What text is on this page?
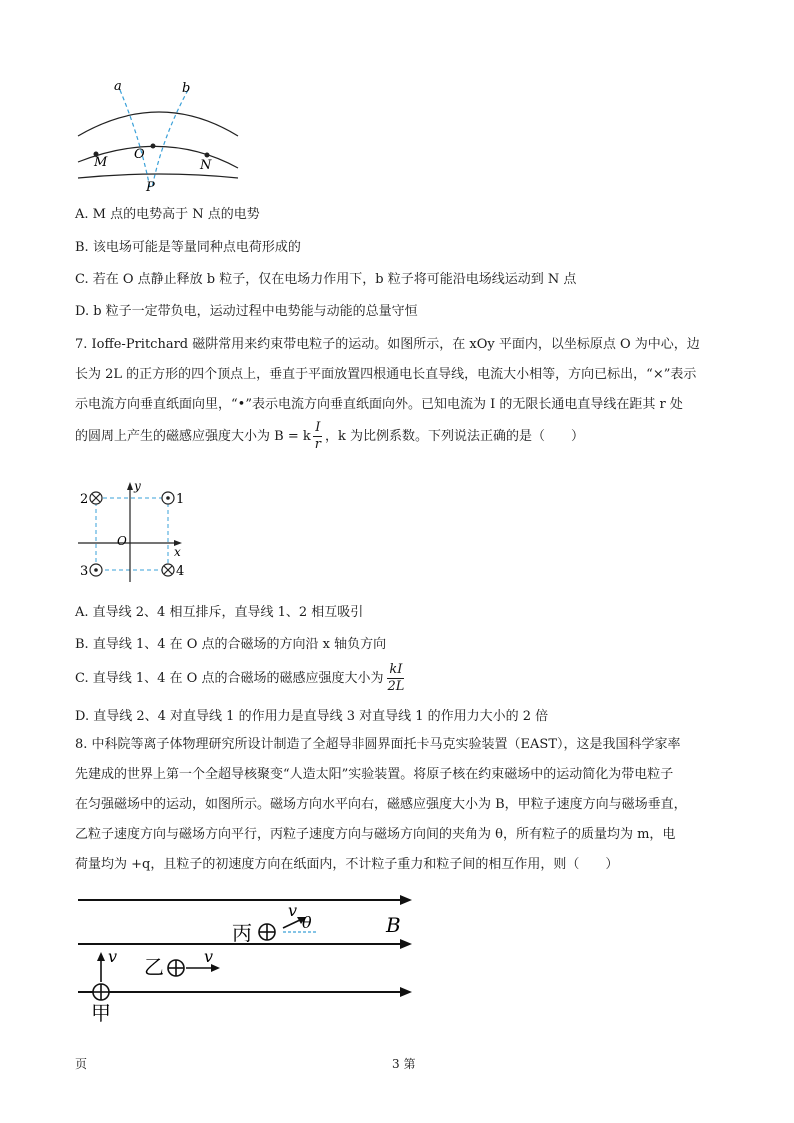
a	b
M
O
N
P
A. M 点的电势高于 N 点的电势
B. 该电场可能是等量同种点电荷形成的
C. 若在 O 点静止释放 b 粒子，仅在电场力作用下，b 粒子将可能沿电场线运动到 N 点
D. b 粒子一定带负电，运动过程中电势能与动能的总量守恒
7. Ioffe-Pritchard 磁阱常用来约束带电粒子的运动。如图所示，在 xOy 平面内，以坐标原点 O 为中心，边
长为 2L 的正方形的四个顶点上，垂直于平面放置四根通电长直导线，电流大小相等，方向已标出，“×”表示
示电流方向垂直纸面向里，“•”表示电流方向垂直纸面向外。已知电流为 I 的无限长通电直导线在距其 r 处
的圆周上产生的磁感应强度大小为 B = k $\frac{I}{r}$ ，k 为比例系数。下列说法正确的是（　　）
y
x
O
2	1
3	4
A. 直导线 2、4 相互排斥，直导线 1、2 相互吸引
B. 直导线 1、4 在 O 点的合磁场的方向沿 x 轴负方向
C. 直导线 1、4 在 O 点的合磁场的磁感应强度大小为 $\frac{kI}{2L}$
D. 直导线 2、4 对直导线 1 的作用力是直导线 3 对直导线 1 的作用力大小的 2 倍
8. 中科院等离子体物理研究所设计制造了全超导非圆界面托卡马克实验装置（EAST），这是我国科学家率
先建成的世界上第一个全超导核聚变“人造太阳”实验装置。将原子核在约束磁场中的运动简化为带电粒子
在匀强磁场中的运动，如图所示。磁场方向水平向右，磁感应强度大小为 B，甲粒子速度方向与磁场垂直，
乙粒子速度方向与磁场方向平行，丙粒子速度方向与磁场方向间的夹角为 θ，所有粒子的质量均为 m，电
荷量均为 +q，且粒子的初速度方向在纸面内，不计粒子重力和粒子间的相互作用，则（　　）
B
丙
v
θ
乙	v
v
甲
页	3 第
